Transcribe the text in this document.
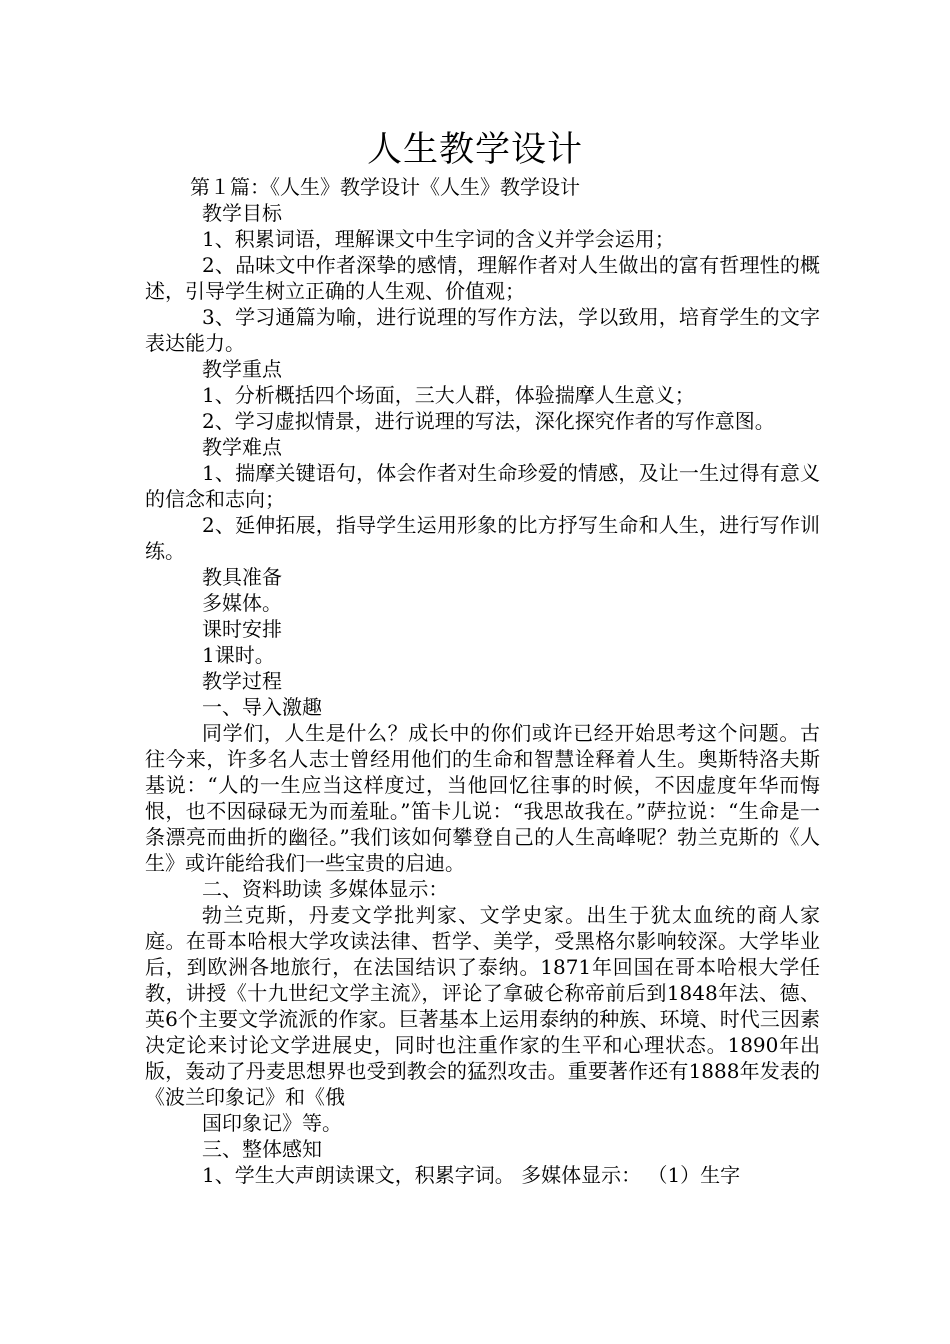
人生教学设计
第１篇：《人生》教学设计《人生》教学设计

教学目标

1、积累词语，理解课文中生字词的含义并学会运用；

2、品味文中作者深挚的感情，理解作者对人生做出的富有哲理性的概述，引导学生树立正确的人生观、价值观；

3、学习通篇为喻，进行说理的写作方法，学以致用，培育学生的文字表达能力。

教学重点

1、分析概括四个场面，三大人群，体验揣摩人生意义；

2、学习虚拟情景，进行说理的写法，深化探究作者的写作意图。

教学难点

1、揣摩关键语句，体会作者对生命珍爱的情感，及让一生过得有意义的信念和志向；

2、延伸拓展，指导学生运用形象的比方抒写生命和人生，进行写作训练。

教具准备

多媒体。

课时安排

1课时。

教学过程

一、导入激趣

同学们，人生是什么？成长中的你们或许已经开始思考这个问题。古往今来，许多名人志士曾经用他们的生命和智慧诠释着人生。奥斯特洛夫斯基说：“人的一生应当这样度过，当他回忆往事的时候，不因虚度年华而悔恨，也不因碌碌无为而羞耻。”笛卡儿说：“我思故我在。”萨拉说：“生命是一条漂亮而曲折的幽径。”我们该如何攀登自己的人生高峰呢？勃兰克斯的《人生》或许能给我们一些宝贵的启迪。

二、资料助读 多媒体显示：

勃兰克斯，丹麦文学批判家、文学史家。出生于犹太血统的商人家庭。在哥本哈根大学攻读法律、哲学、美学，受黑格尔影响较深。大学毕业后，到欧洲各地旅行，在法国结识了泰纳。1871年回国在哥本哈根大学任教，讲授《十九世纪文学主流》，评论了拿破仑称帝前后到1848年法、德、英6个主要文学流派的作家。巨著基本上运用泰纳的种族、环境、时代三因素决定论来讨论文学进展史，同时也注重作家的生平和心理状态。1890年出版，轰动了丹麦思想界也受到教会的猛烈攻击。重要著作还有1888年发表的《波兰印象记》和《俄

国印象记》等。

三、整体感知

1、学生大声朗读课文，积累字词。 多媒体显示： （1）生字
